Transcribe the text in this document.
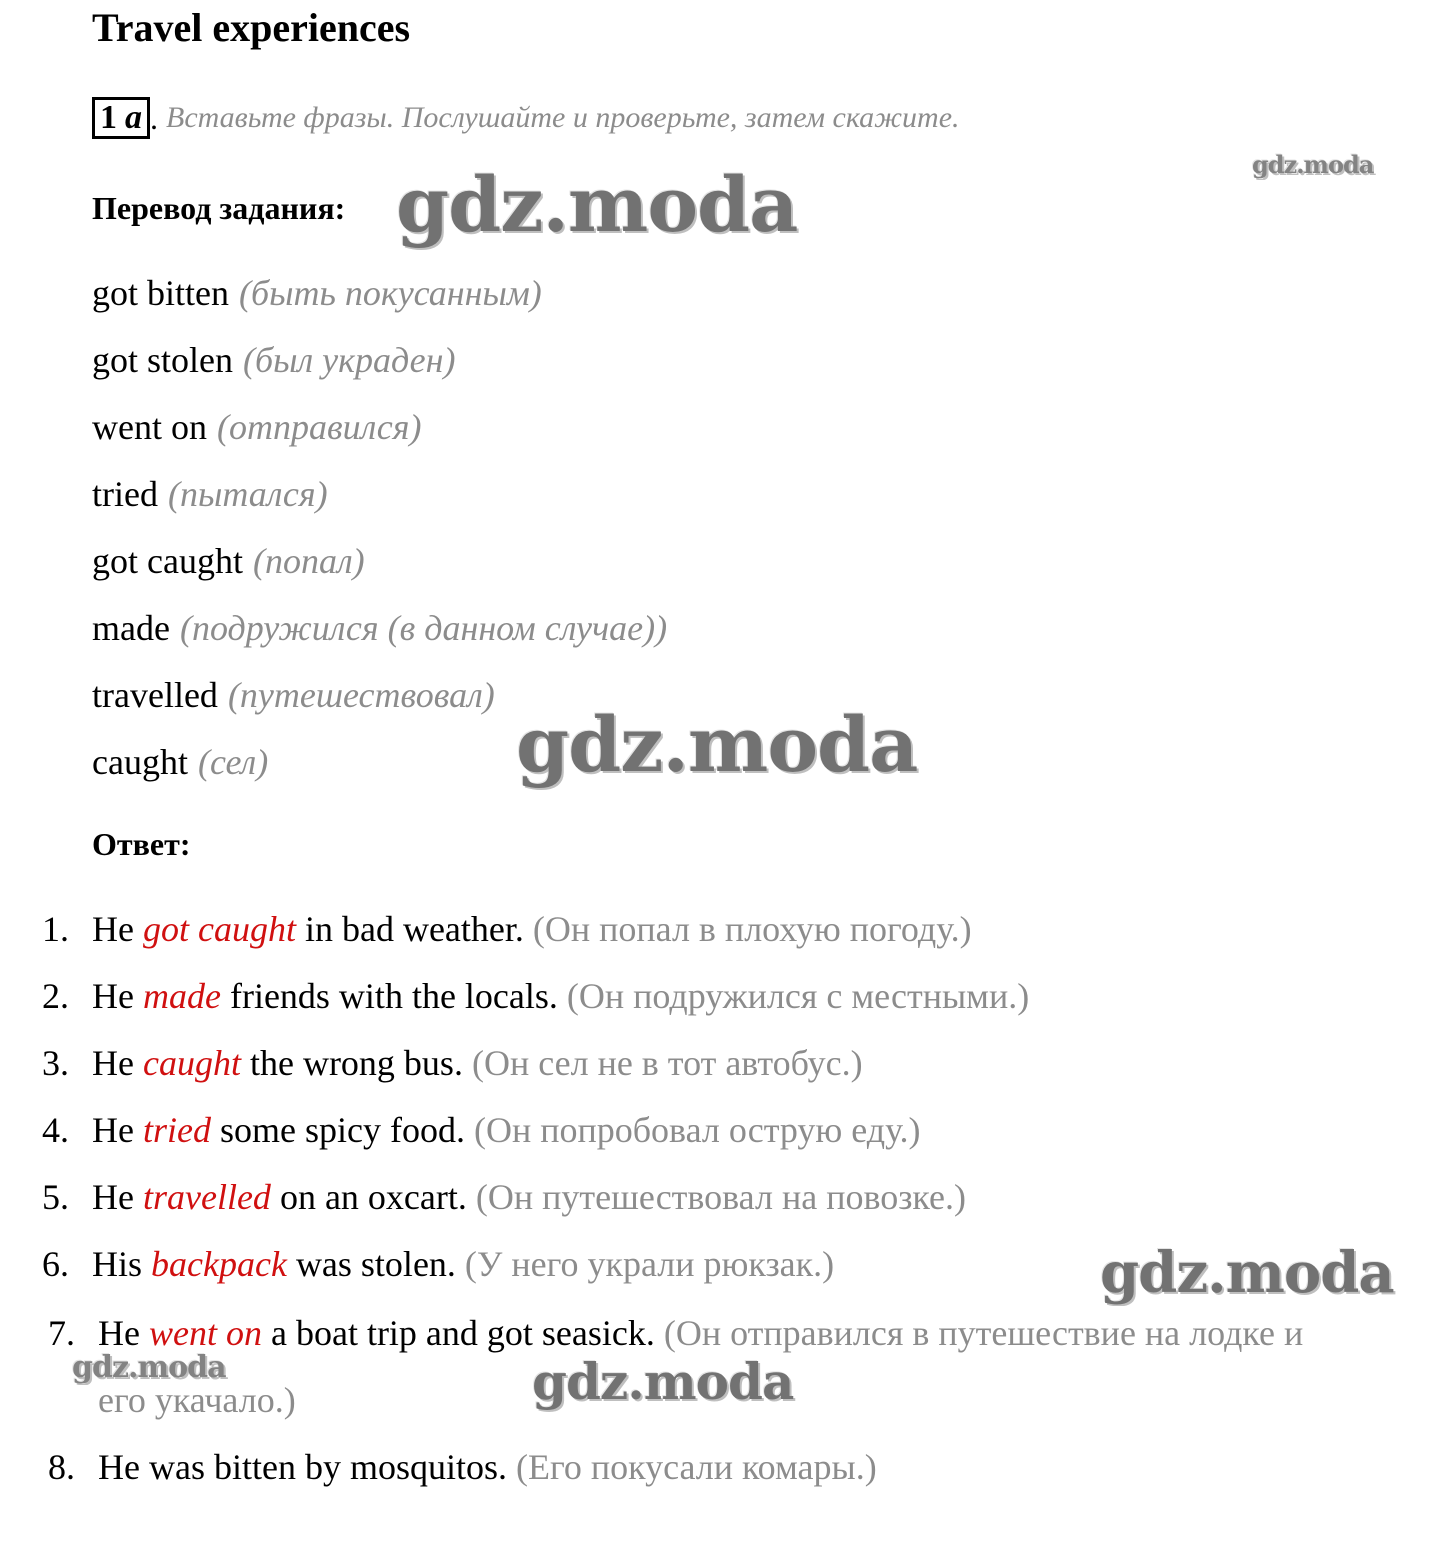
Travel experiences
1 a . Вставьте фразы. Послушайте и проверьте, затем скажите.
gdz.moda
Перевод задания: gdz.moda
got bitten (быть покусанным)
got stolen (был украден)
went on (отправился)
tried (пытался)
got caught (попал)
made (подружился (в данном случае))
travelled (путешествовал)
caught (сел)	gdz.moda
Ответ:
1. He got caught in bad weather. (Он попал в плохую погоду.)
2. He made friends with the locals. (Он подружился с местными.)
3. He caught the wrong bus. (Он сел не в тот автобус.)
4. He tried some spicy food. (Он попробовал острую еду.)
5. He travelled on an oxcart. (Он путешествовал на повозке.)
6. His backpack was stolen. (У него украли рюкзак.)	gdz.moda
7. He went on a boat trip and got seasick. (Он отправился в путешествие на лодке и
его укачало.)
gdz.moda	gdz.moda
8. He was bitten by mosquitos. (Его покусали комары.)
